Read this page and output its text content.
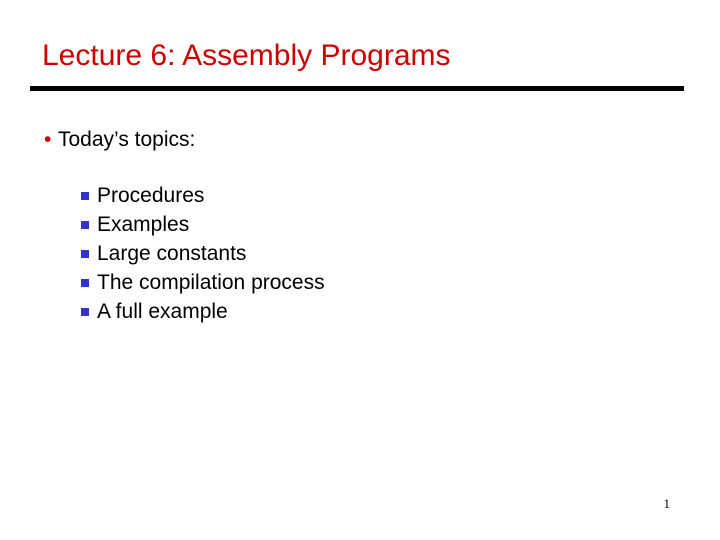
Lecture 6: Assembly Programs
• Today’s topics:
Procedures
Examples
Large constants
The compilation process
A full example
1
